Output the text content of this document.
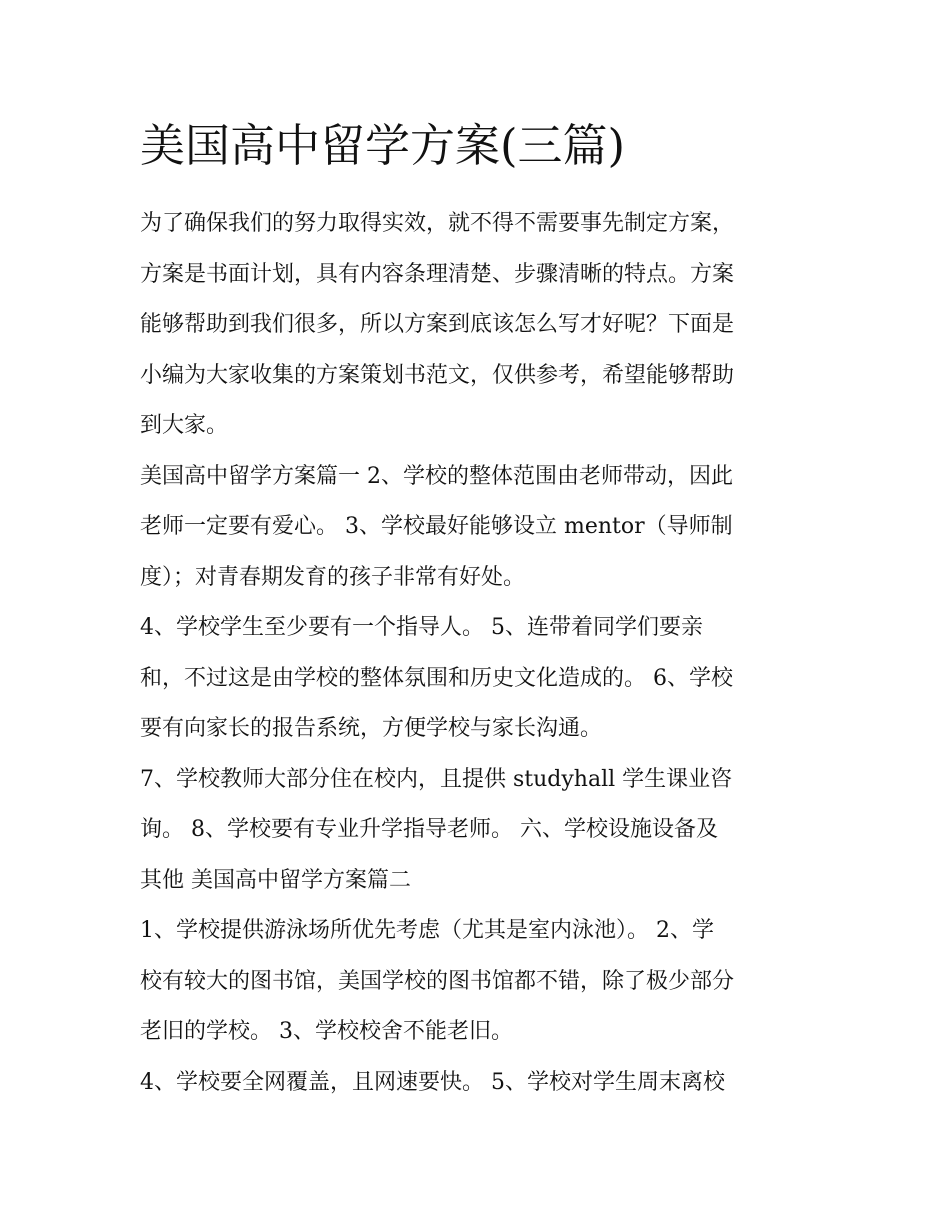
美国高中留学方案(三篇)

为了确保我们的努力取得实效，就不得不需要事先制定方案，
方案是书面计划，具有内容条理清楚、步骤清晰的特点。方案
能够帮助到我们很多，所以方案到底该怎么写才好呢？下面是
小编为大家收集的方案策划书范文，仅供参考，希望能够帮助
到大家。

美国高中留学方案篇一 2、学校的整体范围由老师带动，因此
老师一定要有爱心。 3、学校最好能够设立 mentor（导师制
度）；对青春期发育的孩子非常有好处。

4、学校学生至少要有一个指导人。 5、连带着同学们要亲
和，不过这是由学校的整体氛围和历史文化造成的。 6、学校
要有向家长的报告系统，方便学校与家长沟通。

7、学校教师大部分住在校内，且提供 studyhall 学生课业咨
询。 8、学校要有专业升学指导老师。 六、学校设施设备及
其他 美国高中留学方案篇二

1、学校提供游泳场所优先考虑（尤其是室内泳池）。 2、学
校有较大的图书馆，美国学校的图书馆都不错，除了极少部分
老旧的学校。 3、学校校舍不能老旧。

4、学校要全网覆盖，且网速要快。 5、学校对学生周末离校
